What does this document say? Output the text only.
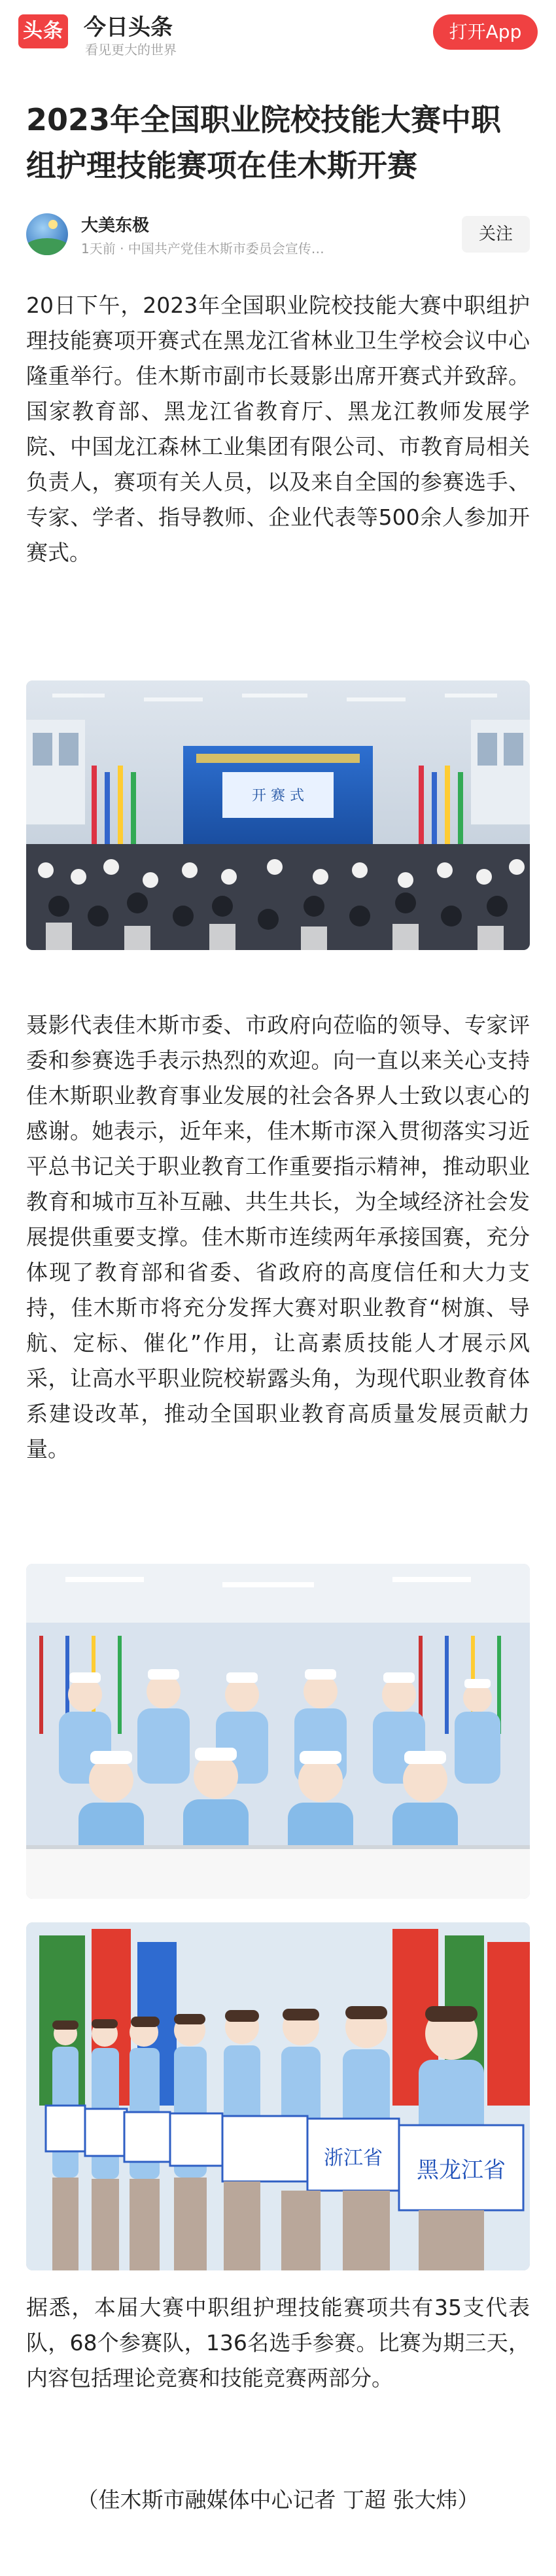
头条 今日头条
看见更大的世界
打开App
2023年全国职业院校技能大赛中职组护理技能赛项在佳木斯开赛
大美东极
1天前 · 中国共产党佳木斯市委员会宣传…
关注

20日下午，2023年全国职业院校技能大赛中职组护理技能赛项开赛式在黑龙江省林业卫生学校会议中心隆重举行。佳木斯市副市长聂影出席开赛式并致辞。国家教育部、黑龙江省教育厅、黑龙江教师发展学院、中国龙江森林工业集团有限公司、市教育局相关负责人，赛项有关人员，以及来自全国的参赛选手、专家、学者、指导教师、企业代表等500余人参加开赛式。

开 赛 式

聂影代表佳木斯市委、市政府向莅临的领导、专家评委和参赛选手表示热烈的欢迎。向一直以来关心支持佳木斯职业教育事业发展的社会各界人士致以衷心的感谢。她表示，近年来，佳木斯市深入贯彻落实习近平总书记关于职业教育工作重要指示精神，推动职业教育和城市互补互融、共生共长，为全域经济社会发展提供重要支撑。佳木斯市连续两年承接国赛，充分体现了教育部和省委、省政府的高度信任和大力支持，佳木斯市将充分发挥大赛对职业教育“树旗、导航、定标、催化”作用，让高素质技能人才展示风采，让高水平职业院校崭露头角，为现代职业教育体系建设改革，推动全国职业教育高质量发展贡献力量。

浙江省 黑龙江省

据悉，本届大赛中职组护理技能赛项共有35支代表队，68个参赛队，136名选手参赛。比赛为期三天，内容包括理论竞赛和技能竞赛两部分。

（佳木斯市融媒体中心记者 丁超 张大炜）
